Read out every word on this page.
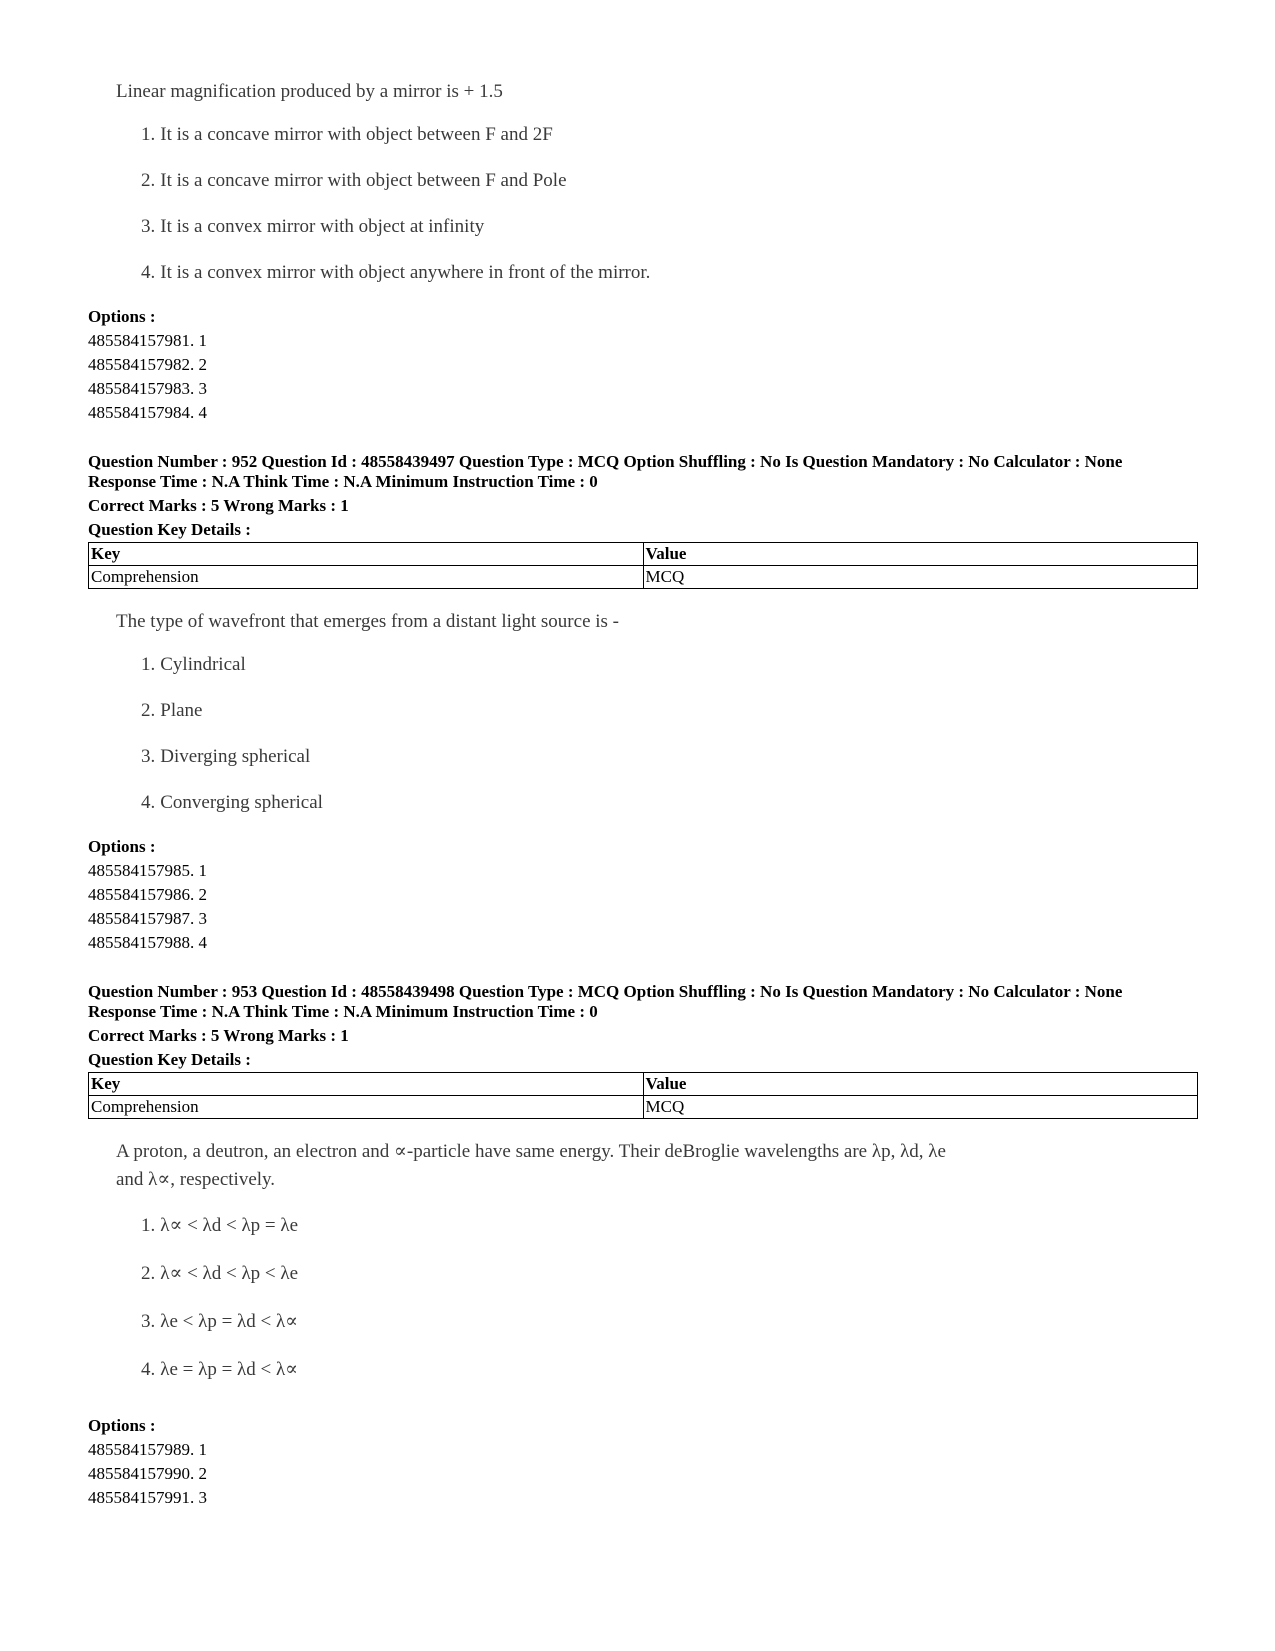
Linear magnification produced by a mirror is + 1.5
1. It is a concave mirror with object between F and 2F
2. It is a concave mirror with object between F and Pole
3. It is a convex mirror with object at infinity
4. It is a convex mirror with object anywhere in front of the mirror.
Options :
485584157981. 1
485584157982. 2
485584157983. 3
485584157984. 4
Question Number : 952 Question Id : 48558439497 Question Type : MCQ Option Shuffling : No Is Question Mandatory : No Calculator : None
Response Time : N.A Think Time : N.A Minimum Instruction Time : 0
Correct Marks : 5 Wrong Marks : 1
Question Key Details :
Key	Value
Comprehension	MCQ
The type of wavefront that emerges from a distant light source is -
1. Cylindrical
2. Plane
3. Diverging spherical
4. Converging spherical
Options :
485584157985. 1
485584157986. 2
485584157987. 3
485584157988. 4
Question Number : 953 Question Id : 48558439498 Question Type : MCQ Option Shuffling : No Is Question Mandatory : No Calculator : None
Response Time : N.A Think Time : N.A Minimum Instruction Time : 0
Correct Marks : 5 Wrong Marks : 1
Question Key Details :
Key	Value
Comprehension	MCQ
A proton, a deutron, an electron and ∝-particle have same energy. Their deBroglie wavelengths are λp, λd, λe
and λ∝, respectively.
1. λ∝ < λd < λp = λe
2. λ∝ < λd < λp < λe
3. λe < λp = λd < λ∝
4. λe = λp = λd < λ∝
Options :
485584157989. 1
485584157990. 2
485584157991. 3
